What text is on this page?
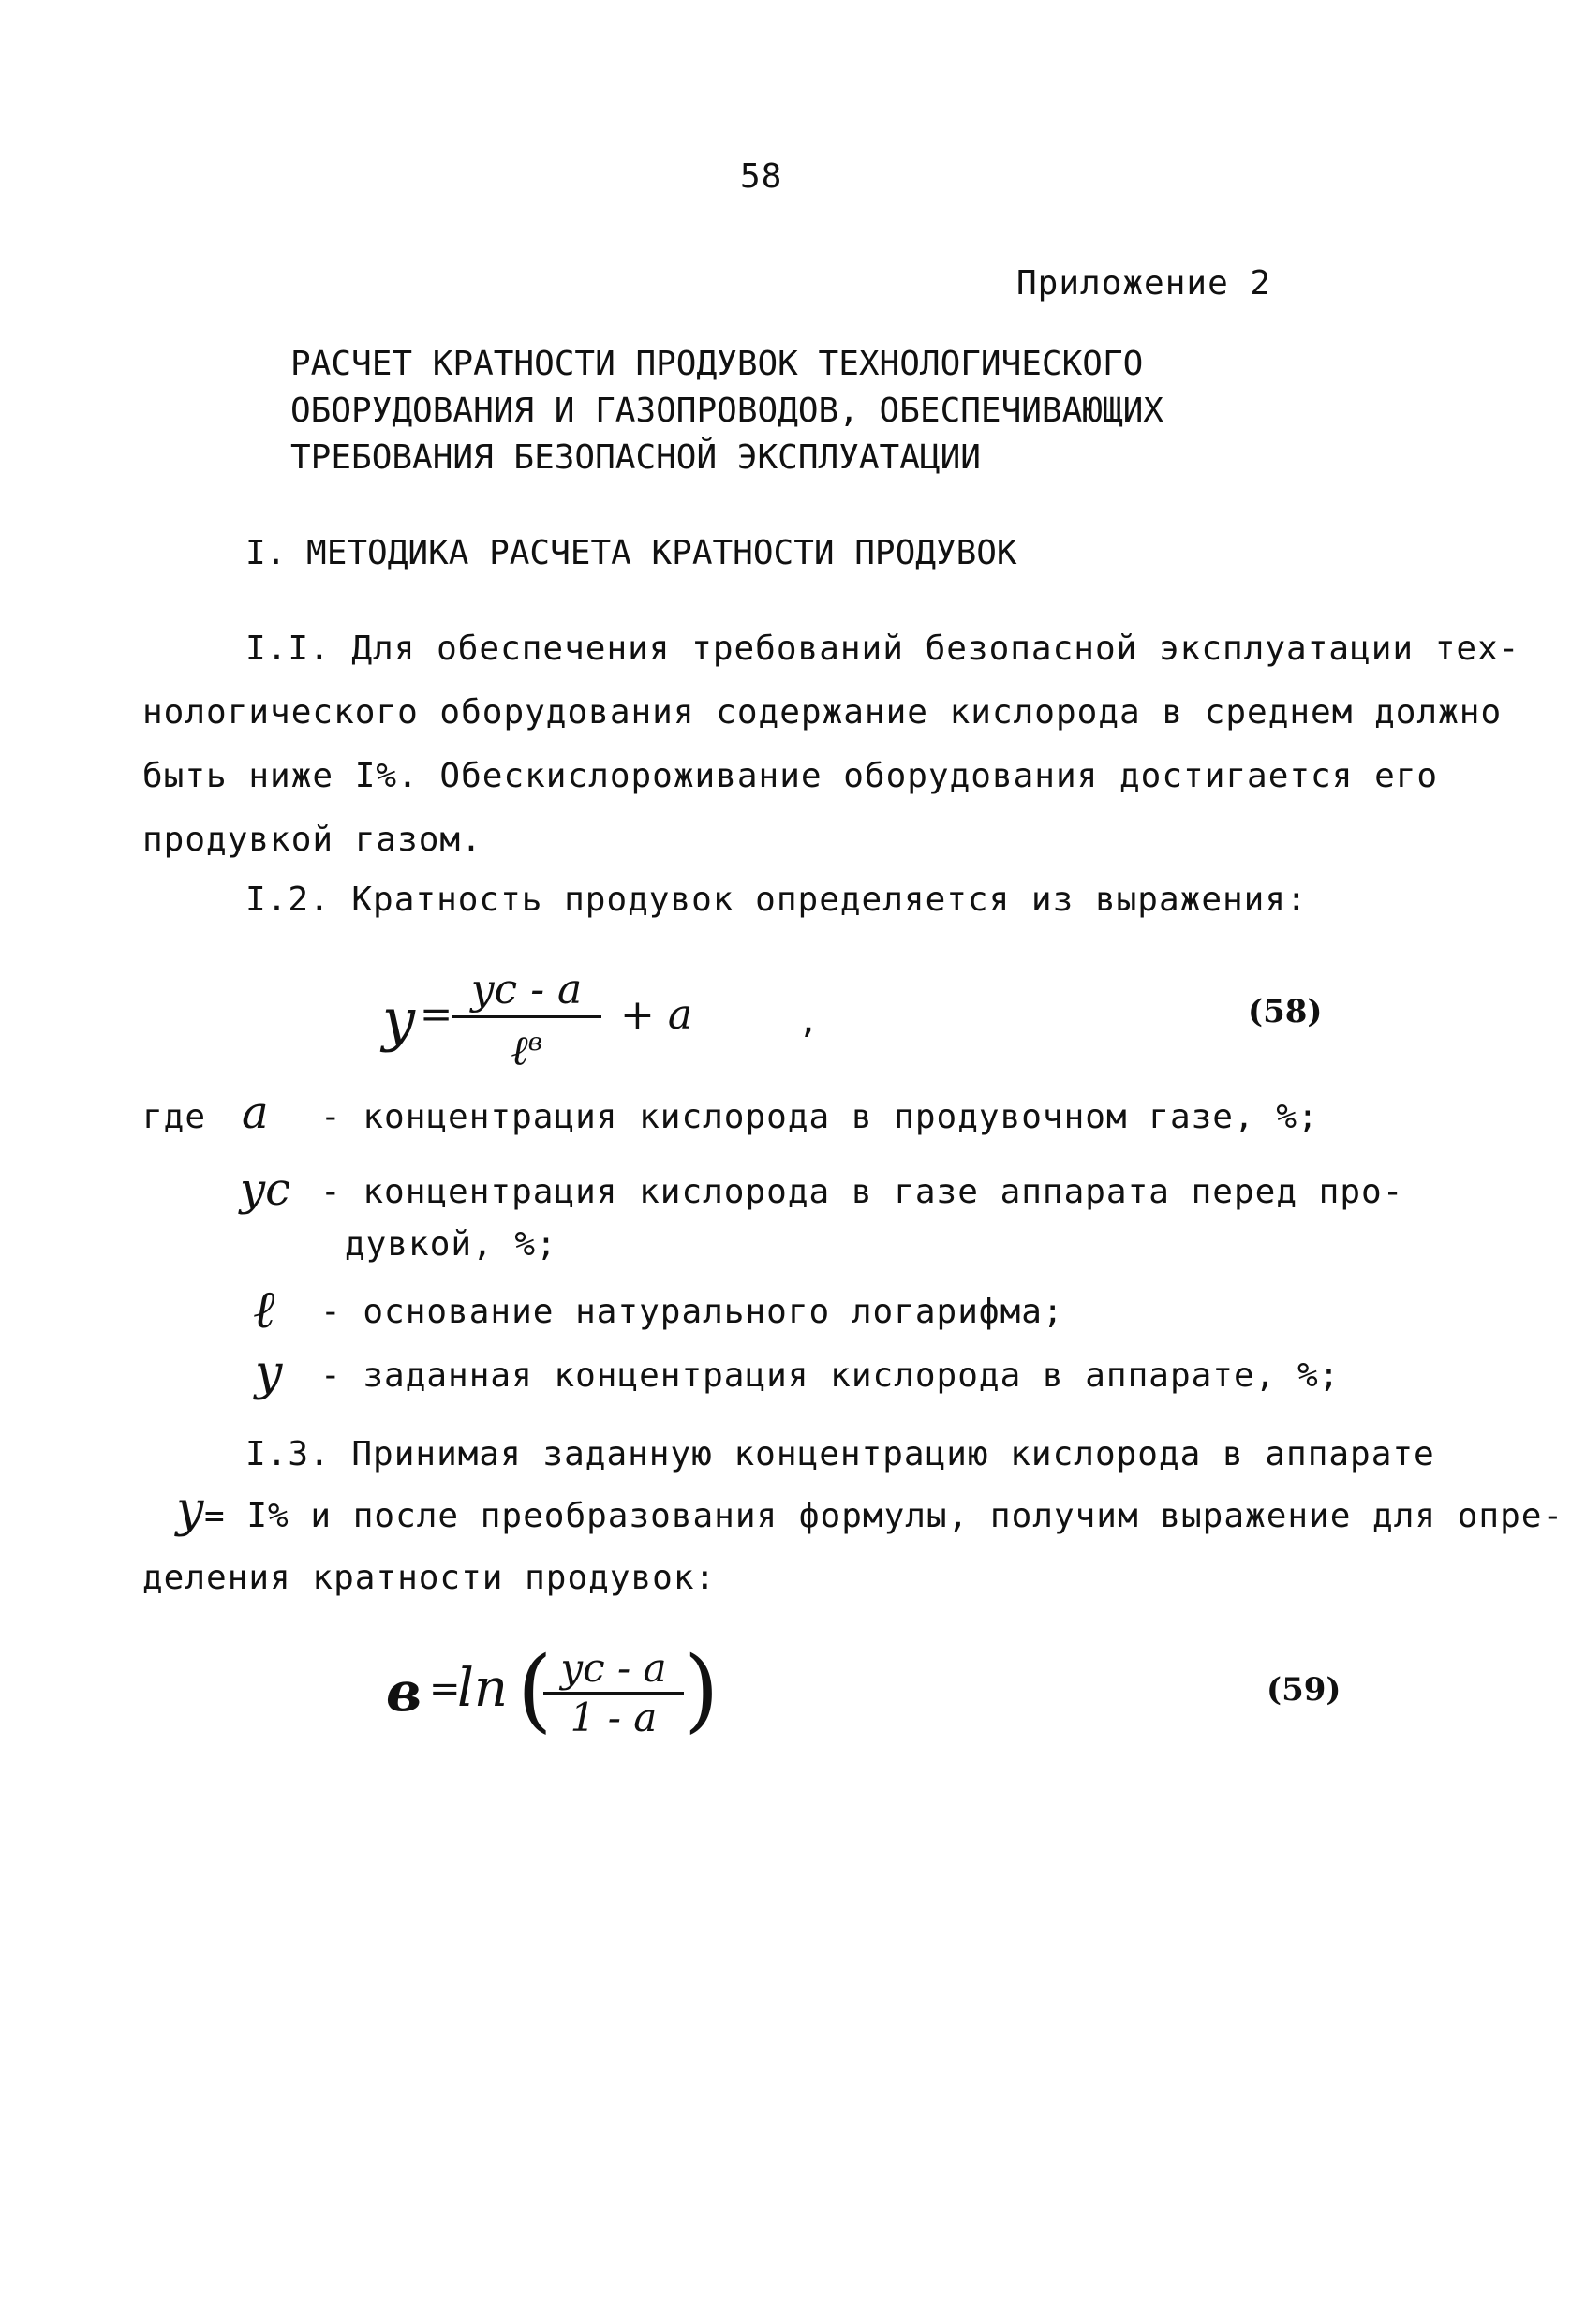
58
Приложение 2
РАСЧЕТ КРАТНОСТИ ПРОДУВОК ТЕХНОЛОГИЧЕСКОГО
ОБОРУДОВАНИЯ И ГАЗОПРОВОДОВ, ОБЕСПЕЧИВАЮЩИХ
ТРЕБОВАНИЯ БЕЗОПАСНОЙ ЭКСПЛУАТАЦИИ
I. МЕТОДИКА РАСЧЕТА КРАТНОСТИ ПРОДУВОК
I.I. Для обеспечения требований безопасной эксплуатации тех-
нологического оборудования содержание кислорода в среднем должно
быть ниже I%. Обескислороживание оборудования достигается его
продувкой газом.
I.2. Кратность продувок определяется из выражения:
y =
yc - a
ℓ$^в$
+ a	,	(58)
где a - концентрация кислорода в продувочном газе, %;
yc - концентрация кислорода в газе аппарата перед про-
дувкой, %;
ℓ - основание натурального логарифма;
y - заданная концентрация кислорода в аппарате, %;
I.3. Принимая заданную концентрацию кислорода в аппарате
y = I% и после преобразования формулы, получим выражение для опре-
деления кратности продувок:
в =
ln ( yc - a
1 - a )	(59)
